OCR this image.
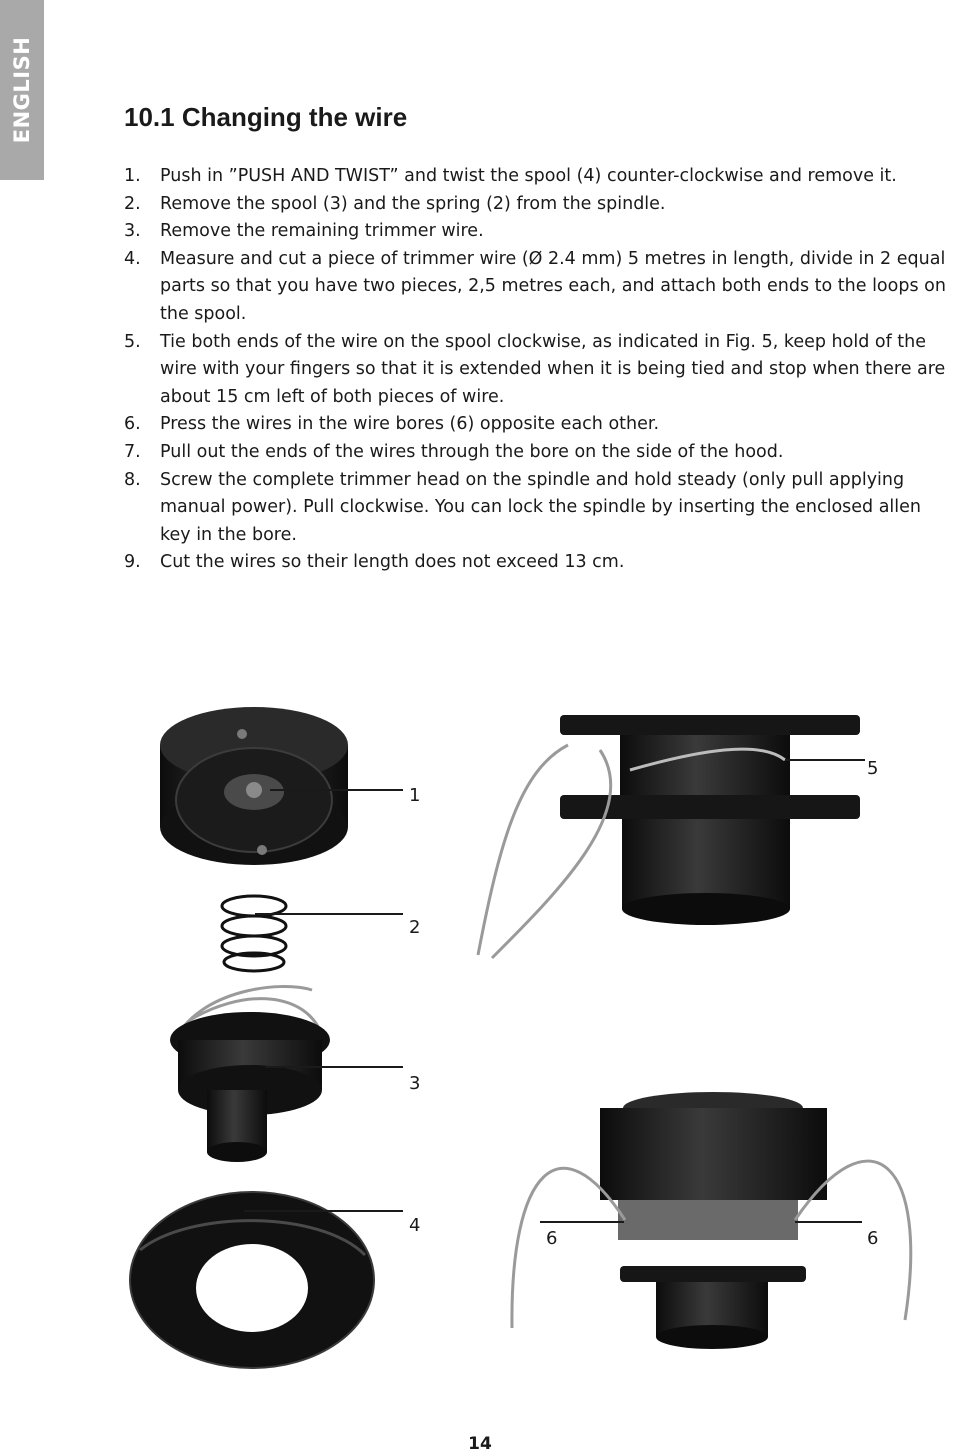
ENGLISH	10.1 Changing the wire
1. Push in ”PUSH AND TWIST” and twist the spool (4) counter-clockwise and remove it.
2. Remove the spool (3) and the spring (2) from the spindle.
3. Remove the remaining trimmer wire.
4. Measure and cut a piece of trimmer wire (Ø 2.4 mm) 5 metres in length, divide in 2 equal parts so that you have two pieces, 2,5 metres each, and attach both ends to the loops on the spool.
5. Tie both ends of the wire on the spool clockwise, as indicated in Fig. 5, keep hold of the wire with your fingers so that it is extended when it is being tied and stop when there are about 15 cm left of both pieces of wire.
6. Press the wires in the wire bores (6) opposite each other.
7. Pull out the ends of the wires through the bore on the side of the hood.
8. Screw the complete trimmer head on the spindle and hold steady (only pull applying manual power). Pull clockwise. You can lock the spindle by inserting the enclosed allen key in the bore.
9. Cut the wires so their length does not exceed 13 cm.
1
2
3
4
5
6	6
14
